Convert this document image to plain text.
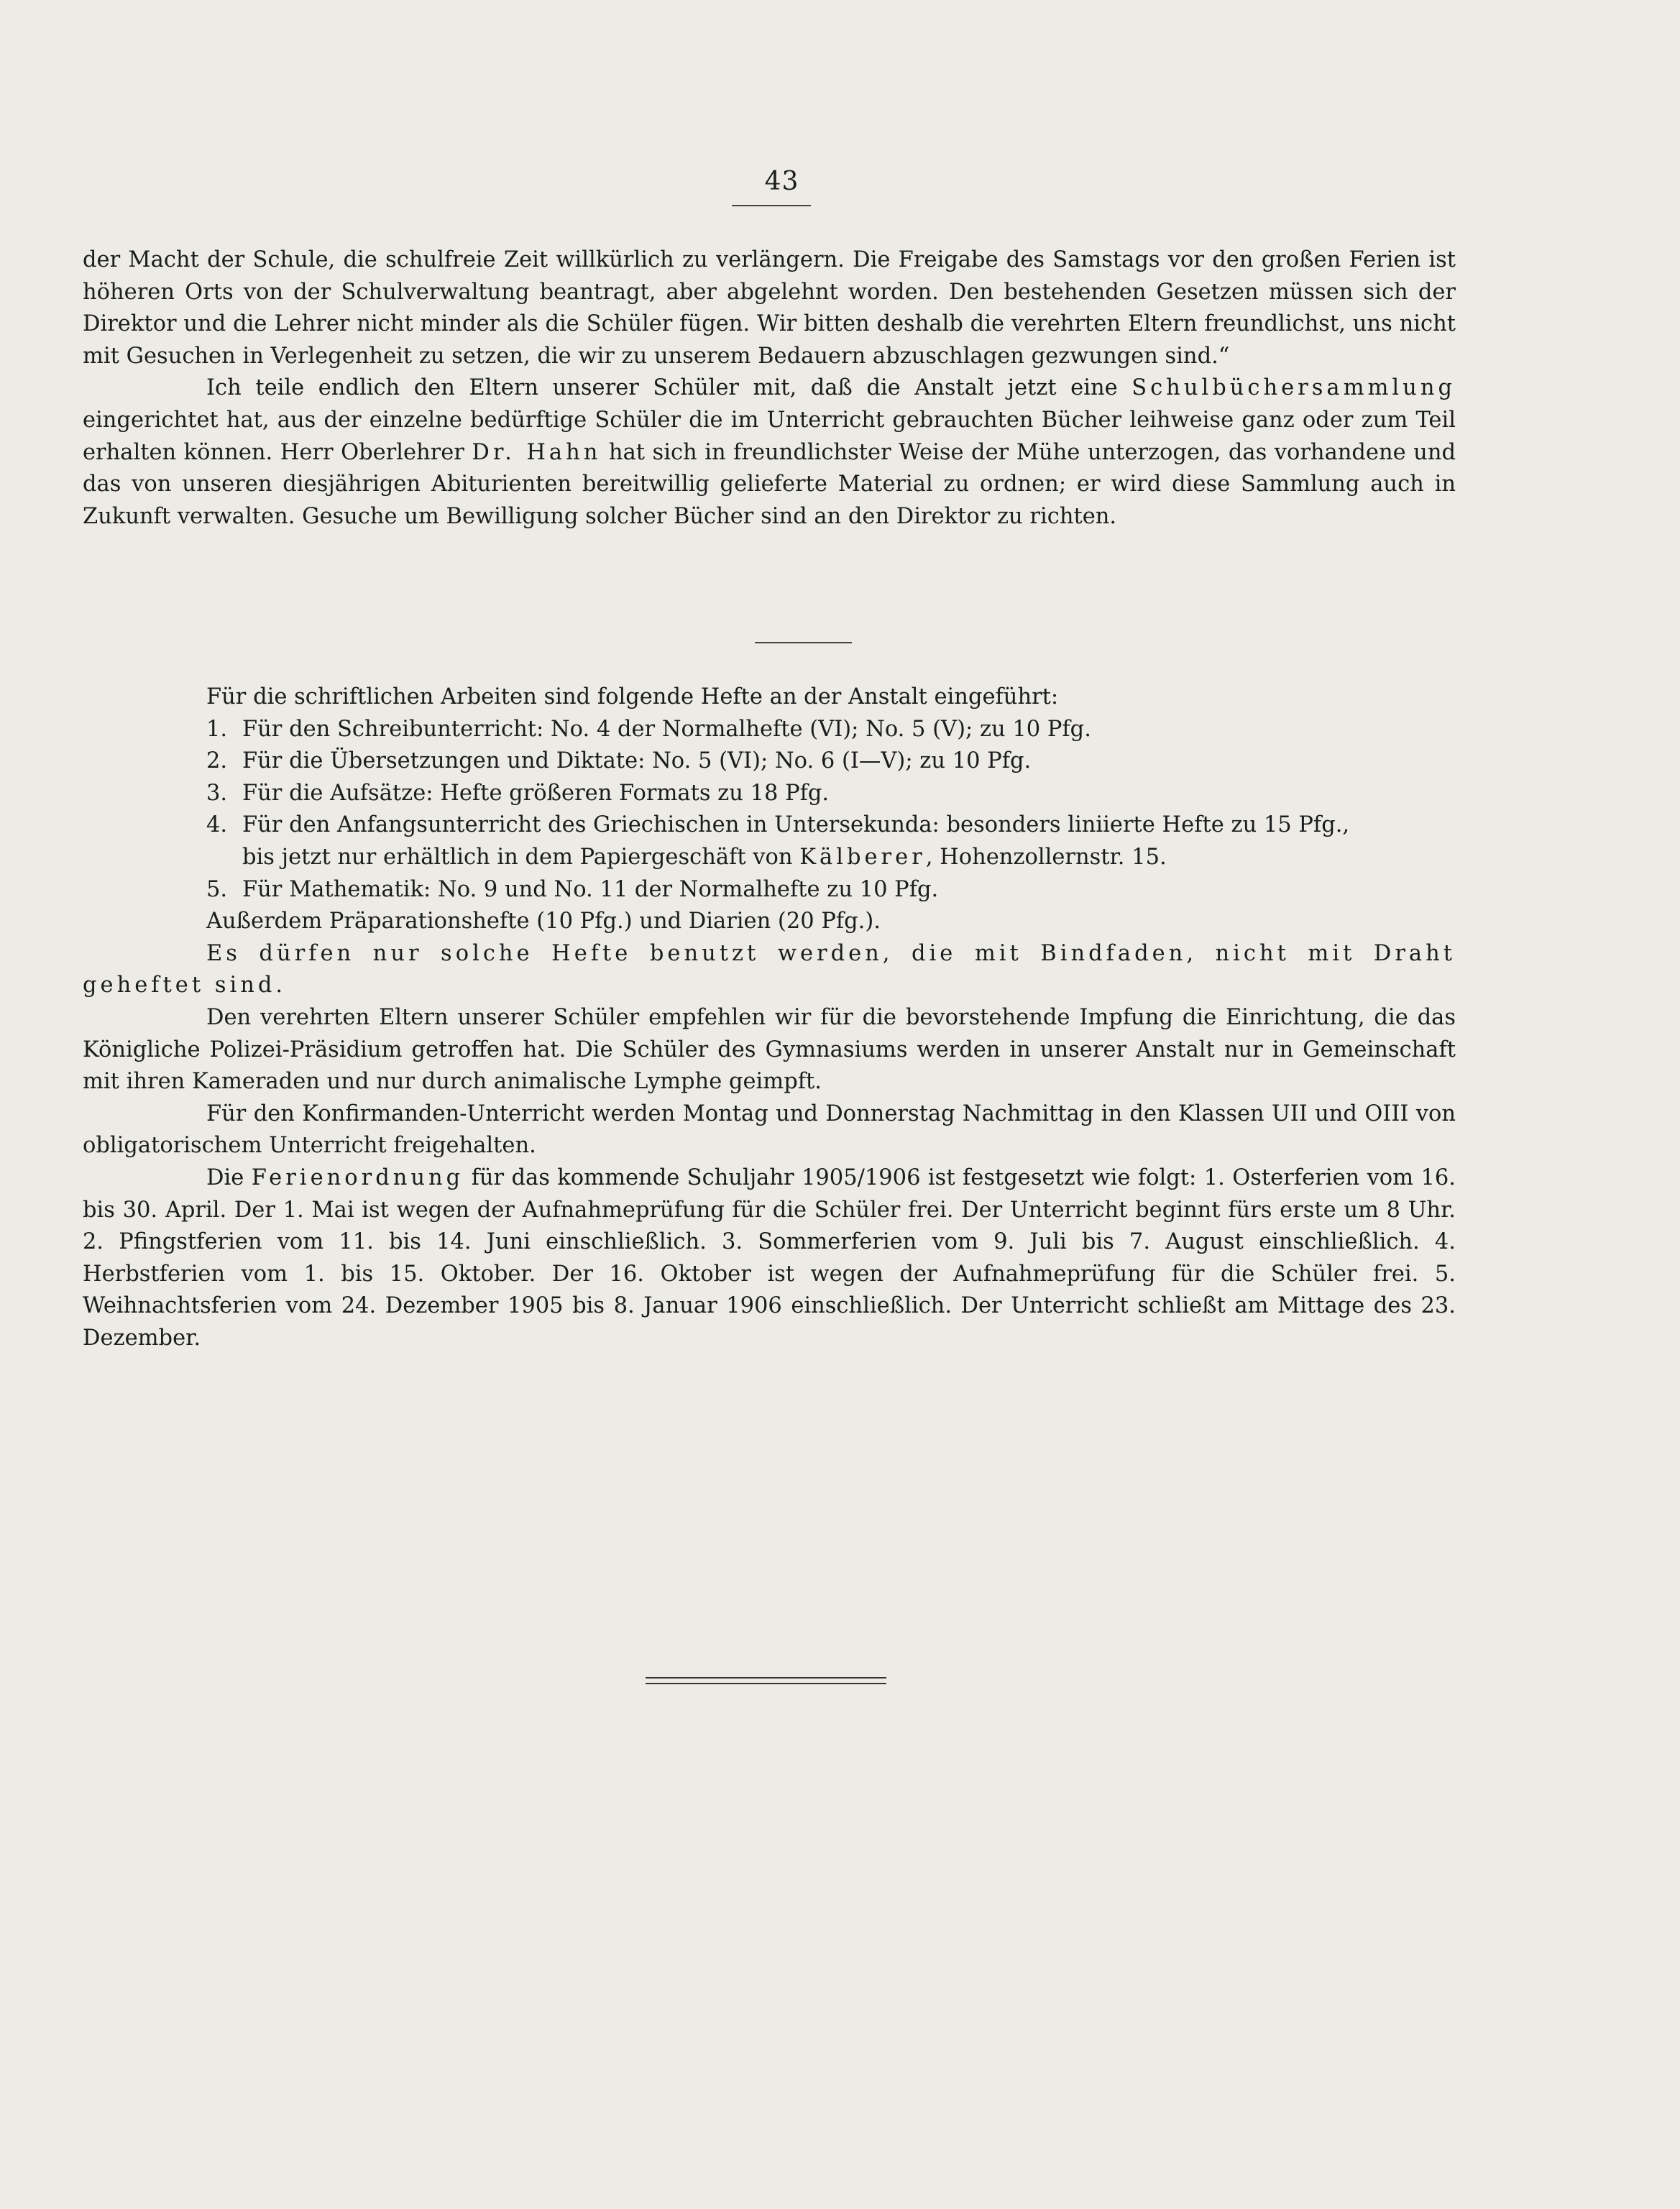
43

der Macht der Schule, die schulfreie Zeit willkürlich zu verlängern. Die Freigabe des Samstags vor den großen Ferien ist höheren Orts von der Schulverwaltung beantragt, aber abgelehnt worden. Den bestehenden Gesetzen müssen sich der Direktor und die Lehrer nicht minder als die Schüler fügen. Wir bitten deshalb die verehrten Eltern freundlichst, uns nicht mit Gesuchen in Verlegenheit zu setzen, die wir zu unserem Bedauern abzuschlagen gezwungen sind.“

Ich teile endlich den Eltern unserer Schüler mit, daß die Anstalt jetzt eine Schulbüchersammlung eingerichtet hat, aus der einzelne bedürftige Schüler die im Unterricht gebrauchten Bücher leihweise ganz oder zum Teil erhalten können. Herr Oberlehrer Dr. Hahn hat sich in freundlichster Weise der Mühe unterzogen, das vorhandene und das von unseren diesjährigen Abiturienten bereitwillig gelieferte Material zu ordnen; er wird diese Sammlung auch in Zukunft verwalten. Gesuche um Bewilligung solcher Bücher sind an den Direktor zu richten.

Für die schriftlichen Arbeiten sind folgende Hefte an der Anstalt eingeführt:

1. Für den Schreibunterricht: No. 4 der Normalhefte (VI); No. 5 (V); zu 10 Pfg.
2. Für die Übersetzungen und Diktate: No. 5 (VI); No. 6 (I—V); zu 10 Pfg.
3. Für die Aufsätze: Hefte größeren Formats zu 18 Pfg.
4. Für den Anfangsunterricht des Griechischen in Untersekunda: besonders liniierte Hefte zu 15 Pfg.,

bis jetzt nur erhältlich in dem Papiergeschäft von Kälberer, Hohenzollernstr. 15.

5. Für Mathematik: No. 9 und No. 11 der Normalhefte zu 10 Pfg.

Außerdem Präparationshefte (10 Pfg.) und Diarien (20 Pfg.).

Es dürfen nur solche Hefte benutzt werden, die mit Bindfaden, nicht mit Draht geheftet sind.

Den verehrten Eltern unserer Schüler empfehlen wir für die bevorstehende Impfung die Einrichtung, die das Königliche Polizei-Präsidium getroffen hat. Die Schüler des Gymnasiums werden in unserer Anstalt nur in Gemeinschaft mit ihren Kameraden und nur durch animalische Lymphe geimpft.

Für den Konfirmanden-Unterricht werden Montag und Donnerstag Nachmittag in den Klassen UII und OIII von obligatorischem Unterricht freigehalten.

Die Ferienordnung für das kommende Schuljahr 1905/1906 ist festgesetzt wie folgt: 1. Osterferien vom 16. bis 30. April. Der 1. Mai ist wegen der Aufnahmeprüfung für die Schüler frei. Der Unterricht beginnt fürs erste um 8 Uhr. 2. Pfingstferien vom 11. bis 14. Juni einschließlich. 3. Sommerferien vom 9. Juli bis 7. August einschließlich. 4. Herbstferien vom 1. bis 15. Oktober. Der 16. Oktober ist wegen der Aufnahmeprüfung für die Schüler frei. 5. Weihnachtsferien vom 24. Dezember 1905 bis 8. Januar 1906 einschließlich. Der Unterricht schließt am Mittage des 23. Dezember.
